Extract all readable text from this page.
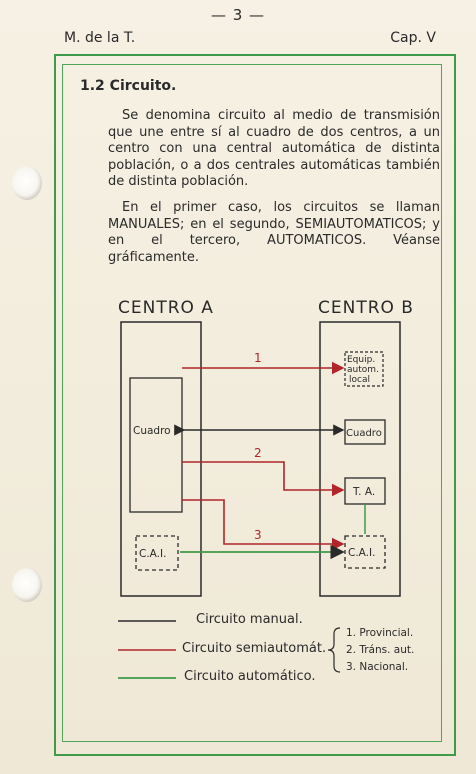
— 3 —
M. de la T.	Cap. V
1.2 Circuito.

Se denomina circuito al medio de transmisión que une entre sí al cuadro de dos centros, a un centro con una central automática de distinta población, o a dos centrales automáticas también de distinta población.

En el primer caso, los circuitos se llaman MANUALES; en el segundo, SEMIAUTOMATICOS; y en el tercero, AUTOMATICOS. Véanse gráficamente.

CENTRO A	CENTRO B
Cuadro
C.A.I.
Equip.
autom.
local
Cuadro
T. A.
C.A.I.
1
2
3
Circuito manual.
Circuito semiautomát.
Circuito automático.
1. Provincial.
2. Tráns. aut.
3. Nacional.
